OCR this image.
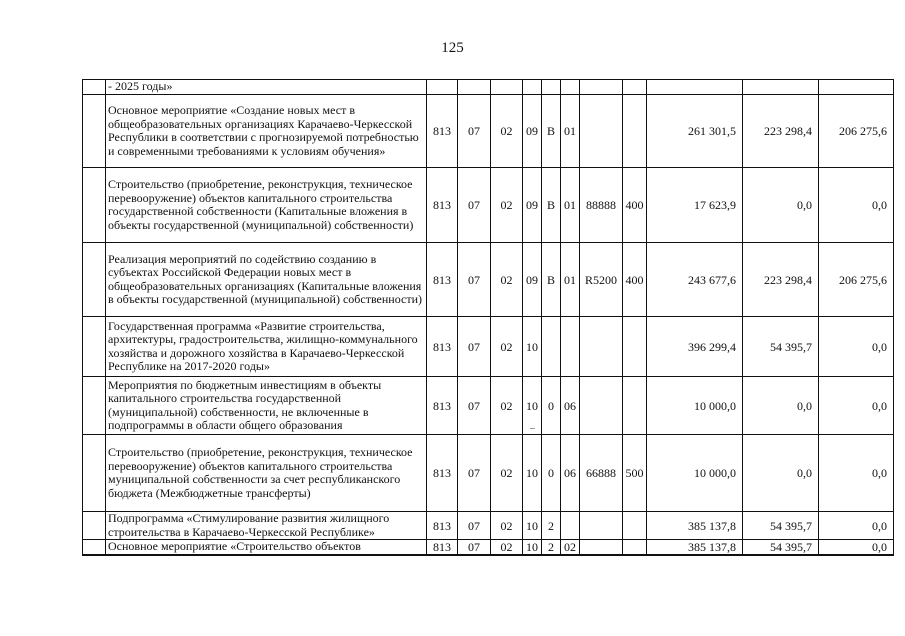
125
	- 2025 годы»											
	Основное мероприятие «Создание новых мест в общеобразовательных организациях Карачаево-Черкесской Республики в соответствии с прогнозируемой потребностью и современными требованиями к условиям обучения»	813	07	02	09	В	01			261 301,5	223 298,4	206 275,6
	Строительство (приобретение, реконструкция, техническое перевооружение) объектов капитального строительства государственной собственности (Капитальные вложения в объекты государственной (муниципальной) собственности)	813	07	02	09	В	01	88888	400	17 623,9	0,0	0,0
	Реализация мероприятий по содействию созданию в субъектах Российской Федерации новых мест в общеобразовательных организациях (Капитальные вложения в объекты государственной (муниципальной) собственности)	813	07	02	09	В	01	R5200	400	243 677,6	223 298,4	206 275,6
	Государственная программа «Развитие строительства, архитектуры, градостроительства, жилищно-коммунального хозяйства и дорожного хозяйства в Карачаево-Черкесской Республике на 2017-2020 годы»	813	07	02	10					396 299,4	54 395,7	0,0
	Мероприятия по бюджетным инвестициям в объекты капитального строительства государственной (муниципальной) собственности, не включенные в подпрограммы в области общего образования	813	07	02	10	0	06			10 000,0	0,0	0,0
	Строительство (приобретение, реконструкция, техническое перевооружение) объектов капитального строительства муниципальной собственности за счет республиканского бюджета (Межбюджетные трансферты)	813	07	02	10	0	06	66888	500	10 000,0	0,0	0,0
	Подпрограмма «Стимулирование развития жилищного строительства в Карачаево-Черкесской Республике»	813	07	02	10	2				385 137,8	54 395,7	0,0
	Основное мероприятие «Строительство объектов	813	07	02	10	2	02			385 137,8	54 395,7	0,0
